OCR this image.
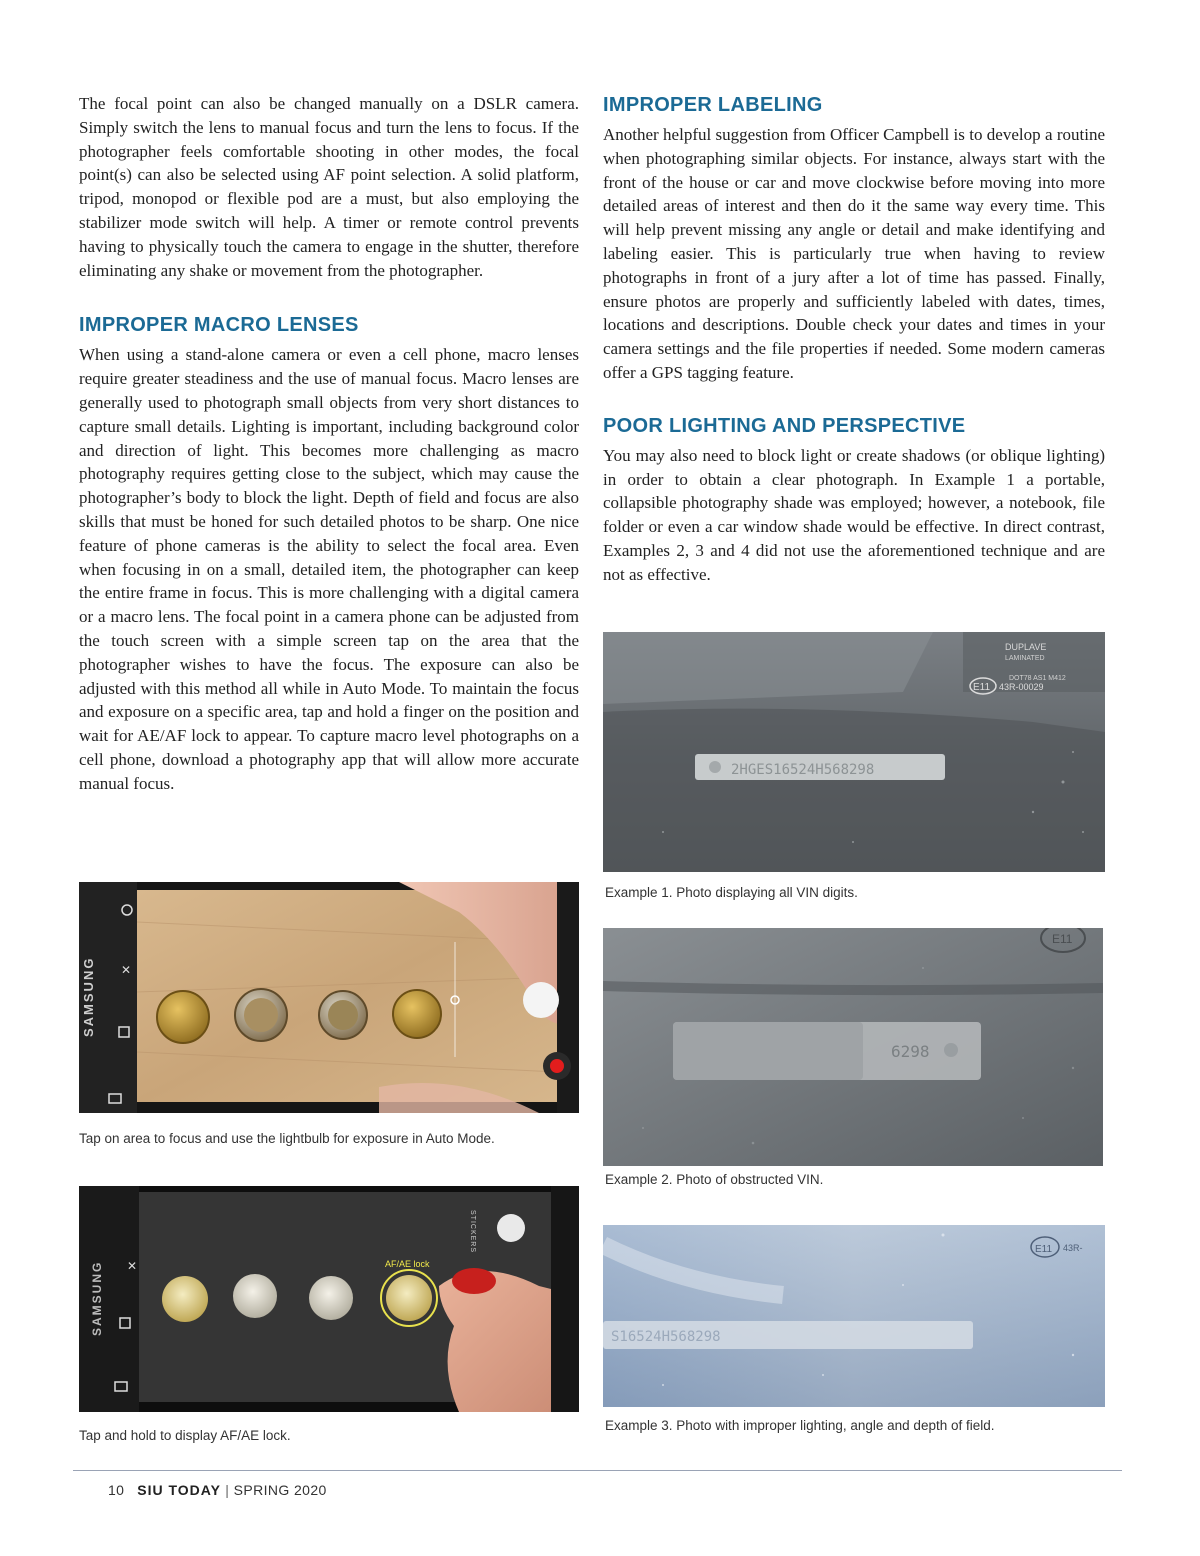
The focal point can also be changed manually on a DSLR camera. Simply switch the lens to manual focus and turn the lens to focus. If the photographer feels comfortable shooting in other modes, the focal point(s) can also be selected using AF point selection. A solid platform, tripod, monopod or flexible pod are a must, but also employing the stabilizer mode switch will help. A timer or remote control prevents having to physically touch the camera to engage in the shutter, therefore eliminating any shake or movement from the photographer.

IMPROPER MACRO LENSES

When using a stand-alone camera or even a cell phone, macro lenses require greater steadiness and the use of manual focus. Macro lenses are generally used to photograph small objects from very short distances to capture small details. Lighting is important, including background color and direction of light. This becomes more challenging as macro photography requires getting close to the subject, which may cause the photographer’s body to block the light. Depth of field and focus are also skills that must be honed for such detailed photos to be sharp. One nice feature of phone cameras is the ability to select the focal area. Even when focusing in on a small, detailed item, the photographer can keep the entire frame in focus. This is more challenging with a digital camera or a macro lens. The focal point in a camera phone can be adjusted from the touch screen with a simple screen tap on the area that the photographer wishes to have the focus. The exposure can also be adjusted with this method all while in Auto Mode. To maintain the focus and exposure on a specific area, tap and hold a finger on the position and wait for AE/AF lock to appear. To capture macro level photographs on a cell phone, download a photography app that will allow more accurate manual focus.

SAMSUNG ✕
Tap on area to focus and use the lightbulb for exposure in Auto Mode.
AF/AE lock
SAMSUNG ✕
STICKERS
Tap and hold to display AF/AE lock.
IMPROPER LABELING

Another helpful suggestion from Officer Campbell is to develop a routine when photographing similar objects. For instance, always start with the front of the house or car and move clockwise before moving into more detailed areas of interest and then do it the same way every time. This will help prevent missing any angle or detail and make identifying and labeling easier. This is particularly true when having to review photographs in front of a jury after a lot of time has passed. Finally, ensure photos are properly and sufficiently labeled with dates, times, locations and descriptions. Double check your dates and times in your camera settings and the file properties if needed. Some modern cameras offer a GPS tagging feature.

POOR LIGHTING AND PERSPECTIVE

You may also need to block light or create shadows (or oblique lighting) in order to obtain a clear photograph. In Example 1 a portable, collapsible photography shade was employed; however, a notebook, file folder or even a car window shade would be effective. In direct contrast, Examples 2, 3 and 4 did not use the aforementioned technique and are not as effective.

2HGES16524H568298
DUPLAVE
LAMINATED
DOT78 AS1 M412
E11 43R-00029
Example 1. Photo displaying all VIN digits.
6298
E11
Example 2. Photo of obstructed VIN.
S16524H568298
E11 43R-
Example 3. Photo with improper lighting, angle and depth of field.
10 SIU TODAY | SPRING 2020
